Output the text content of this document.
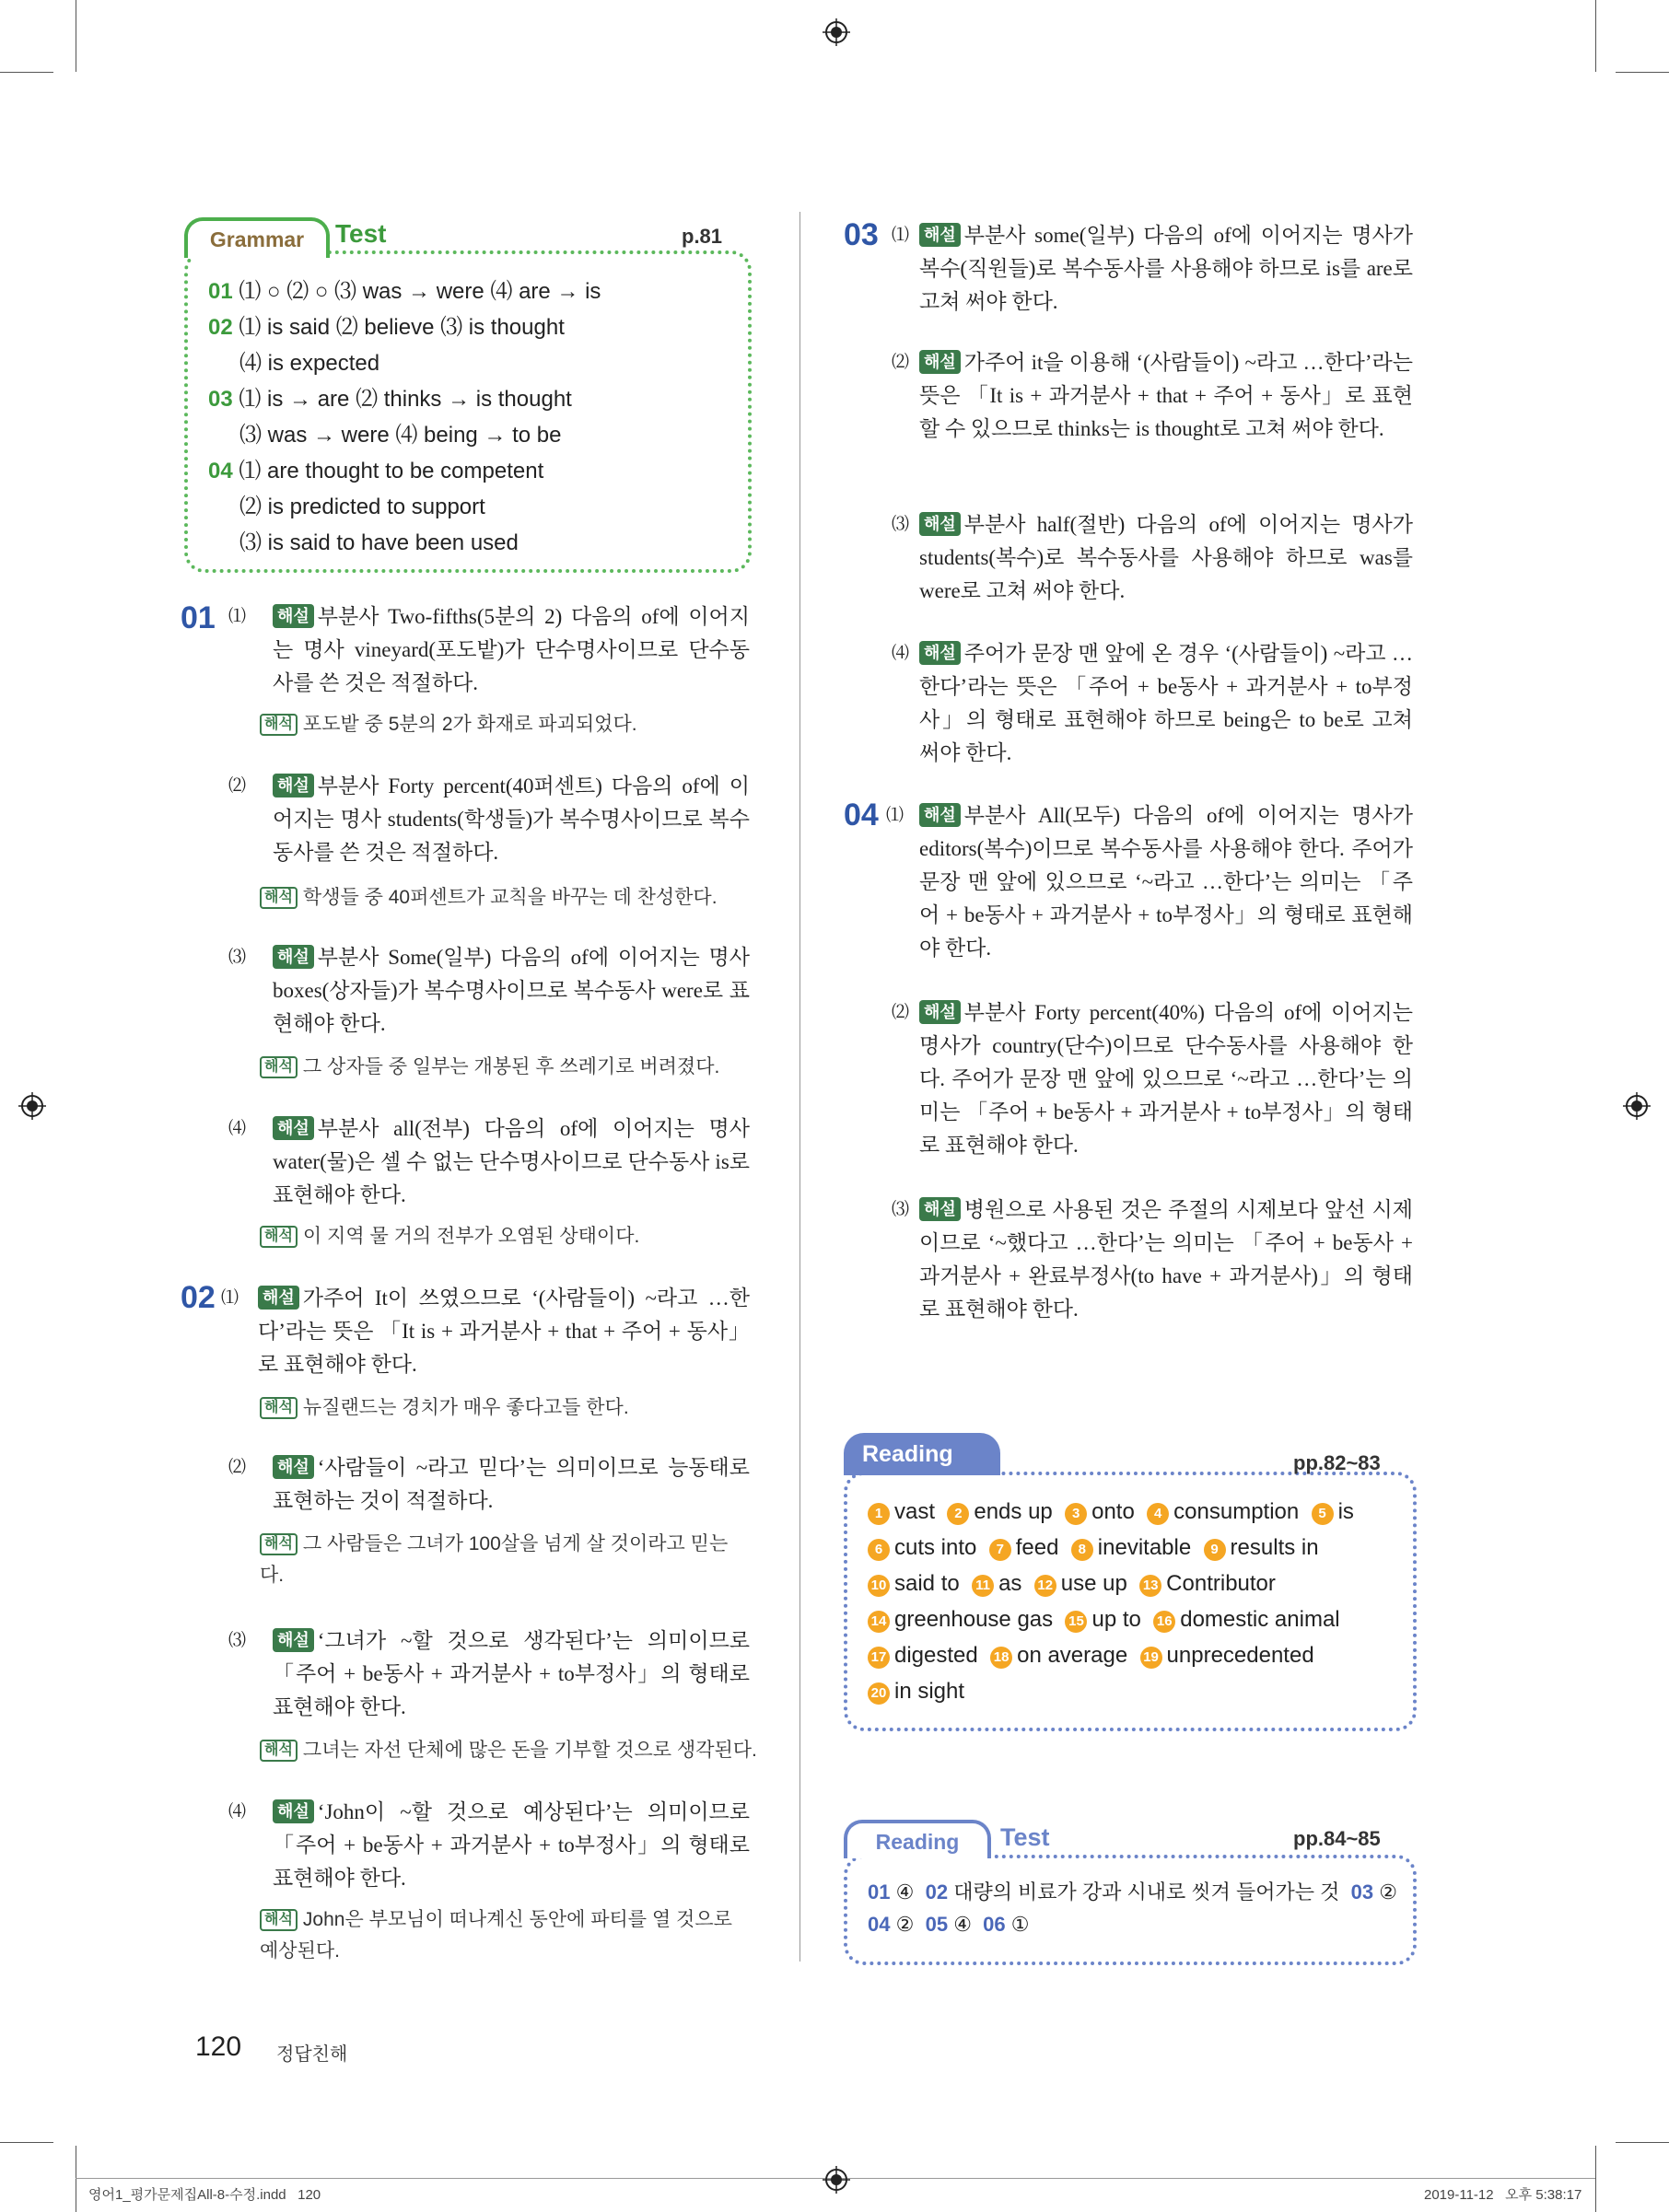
Grammar	Test	p.81
01 ⑴ ○ ⑵ ○ ⑶ was → were ⑷ are → is
02 ⑴ is said ⑵ believe ⑶ is thought
⑷ is expected
03 ⑴ is → are ⑵ thinks → is thought
⑶ was → were ⑷ being → to be
04 ⑴ are thought to be competent
⑵ is predicted to support
⑶ is said to have been used
01 ⑴ 해설 부분사 Two-fifths(5분의 2) 다음의 of에 이어지는 명사 vineyard(포도밭)가 단수명사이므로 단수동사를 쓴 것은 적절하다.
해석 포도밭 중 5분의 2가 화재로 파괴되었다.
⑵ 해설 부분사 Forty percent(40퍼센트) 다음의 of에 이어지는 명사 students(학생들)가 복수명사이므로 복수동사를 쓴 것은 적절하다.
해석 학생들 중 40퍼센트가 교칙을 바꾸는 데 찬성한다.
⑶ 해설 부분사 Some(일부) 다음의 of에 이어지는 명사 boxes(상자들)가 복수명사이므로 복수동사 were로 표현해야 한다.
해석 그 상자들 중 일부는 개봉된 후 쓰레기로 버려졌다.
⑷ 해설 부분사 all(전부) 다음의 of에 이어지는 명사 water(물)은 셀 수 없는 단수명사이므로 단수동사 is로 표현해야 한다.
해석 이 지역 물 거의 전부가 오염된 상태이다.
02 ⑴ 해설 가주어 It이 쓰였으므로 ‘(사람들이) ~라고 …한다’라는 뜻은 「It is + 과거분사 + that + 주어 + 동사」로 표현해야 한다.
해석 뉴질랜드는 경치가 매우 좋다고들 한다.
⑵ 해설 ‘사람들이 ~라고 믿다’는 의미이므로 능동태로 표현하는 것이 적절하다.
해석 그 사람들은 그녀가 100살을 넘게 살 것이라고 믿는다.
⑶ 해설 ‘그녀가 ~할 것으로 생각된다’는 의미이므로 「주어 + be동사 + 과거분사 + to부정사」의 형태로 표현해야 한다.
해석 그녀는 자선 단체에 많은 돈을 기부할 것으로 생각된다.
⑷ 해설 ‘John이 ~할 것으로 예상된다’는 의미이므로 「주어 + be동사 + 과거분사 + to부정사」의 형태로 표현해야 한다.
해석 John은 부모님이 떠나계신 동안에 파티를 열 것으로 예상된다.
03 ⑴ 해설 부분사 some(일부) 다음의 of에 이어지는 명사가 복수(직원들)로 복수동사를 사용해야 하므로 is를 are로 고쳐 써야 한다.
⑵ 해설 가주어 it을 이용해 ‘(사람들이) ~라고 …한다’라는 뜻은 「It is + 과거분사 + that + 주어 + 동사」로 표현할 수 있으므로 thinks는 is thought로 고쳐 써야 한다.
⑶ 해설 부분사 half(절반) 다음의 of에 이어지는 명사가 students(복수)로 복수동사를 사용해야 하므로 was를 were로 고쳐 써야 한다.
⑷ 해설 주어가 문장 맨 앞에 온 경우 ‘(사람들이) ~라고 …한다’라는 뜻은 「주어 + be동사 + 과거분사 + to부정사」의 형태로 표현해야 하므로 being은 to be로 고쳐 써야 한다.
04 ⑴ 해설 부분사 All(모두) 다음의 of에 이어지는 명사가 editors(복수)이므로 복수동사를 사용해야 한다. 주어가 문장 맨 앞에 있으므로 ‘~라고 …한다’는 의미는 「주어 + be동사 + 과거분사 + to부정사」의 형태로 표현해야 한다.
⑵ 해설 부분사 Forty percent(40%) 다음의 of에 이어지는 명사가 country(단수)이므로 단수동사를 사용해야 한다. 주어가 문장 맨 앞에 있으므로 ‘~라고 …한다’는 의미는 「주어 + be동사 + 과거분사 + to부정사」의 형태로 표현해야 한다.
⑶ 해설 병원으로 사용된 것은 주절의 시제보다 앞선 시제이므로 ‘~했다고 …한다’는 의미는 「주어 + be동사 + 과거분사 + 완료부정사(to have + 과거분사)」의 형태로 표현해야 한다.
Reading	pp.82~83
1 vast 2 ends up 3 onto 4 consumption 5 is
6 cuts into 7 feed 8 inevitable 9 results in
10 said to 11 as 12 use up 13 Contributor
14 greenhouse gas 15 up to 16 domestic animal
17 digested 18 on average 19 unprecedented
20 in sight
Reading	Test	pp.84~85
01 ④ 02 대량의 비료가 강과 시내로 씻겨 들어가는 것 03 ②
04 ② 05 ④ 06 ①
120 정답친해
영어1_평가문제집All-8-수정.indd   120	2019-11-12   오후 5:38:17
